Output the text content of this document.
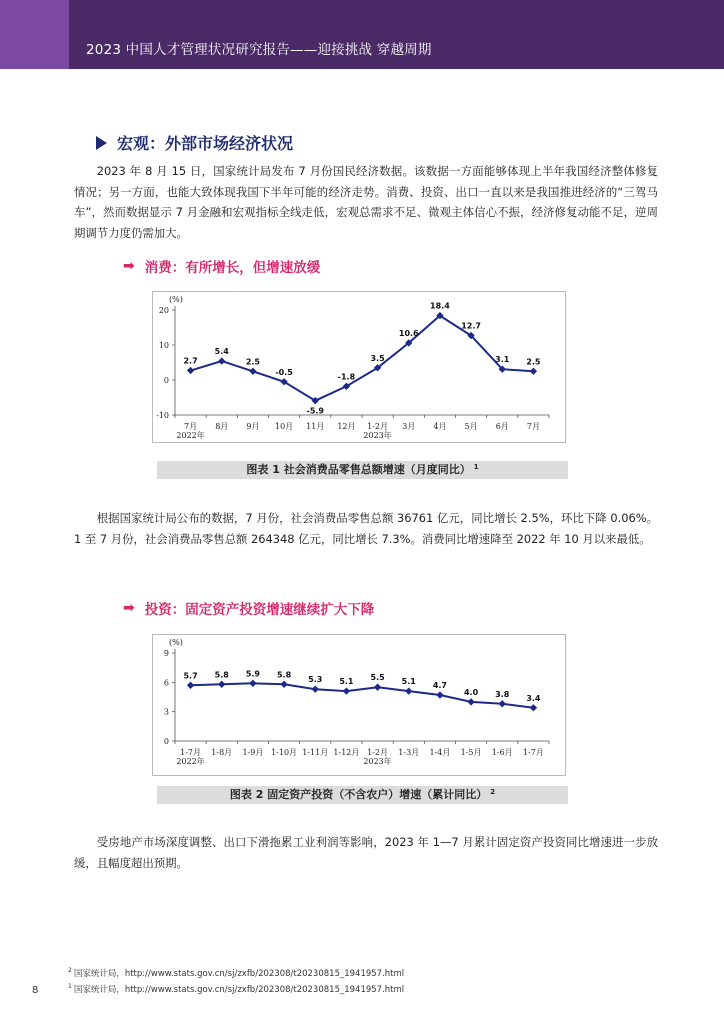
2023 中国人才管理状况研究报告——迎接挑战 穿越周期
宏观：外部市场经济状况

2023 年 8 月 15 日，国家统计局发布 7 月份国民经济数据。该数据一方面能够体现上半年我国经济整体修复情况；另一方面，也能大致体现我国下半年可能的经济走势。消费、投资、出口一直以来是我国推进经济的“三驾马车”，然而数据显示 7 月金融和宏观指标全线走低，宏观总需求不足、微观主体信心不振，经济修复动能不足，逆周期调节力度仍需加大。

➡ 消费：有所增长，但增速放缓
(%)
20
10
0
-10
7月 8月 9月 10月 11月 12月 1-2月 3月 4月 5月 6月 7月
2022年	2023年
2.7
5.4
2.5
-0.5
-5.9
-1.8
3.5
10.6
18.4
12.7
3.1 2.5
图表 1 社会消费品零售总额增速（月度同比） $^1$

根据国家统计局公布的数据，7 月份，社会消费品零售总额 36761 亿元，同比增长 2.5%，环比下降 0.06%。1 至 7 月份，社会消费品零售总额 264348 亿元，同比增长 7.3%。消费同比增速降至 2022 年 10 月以来最低。

➡ 投资：固定资产投资增速继续扩大下降
(%)
9
6
3
0
1-7月 1-8月 1-9月 1-10月 1-11月 1-12月 1-2月 1-3月 1-4月 1-5月 1-6月 1-7月
2022年	2023年
5.7 5.8 5.9 5.8
5.3 5.1 5.5 5.1 4.7
4.0 3.8 3.4
图表 2 固定资产投资（不含农户）增速（累计同比） $^2$

受房地产市场深度调整、出口下滑拖累工业利润等影响，2023 年 1—7 月累计固定资产投资同比增速进一步放缓，且幅度超出预期。

$^2$ 国家统计局，http://www.stats.gov.cn/sj/zxfb/202308/t20230815_1941957.html
$^1$ 国家统计局，http://www.stats.gov.cn/sj/zxfb/202308/t20230815_1941957.html
8
